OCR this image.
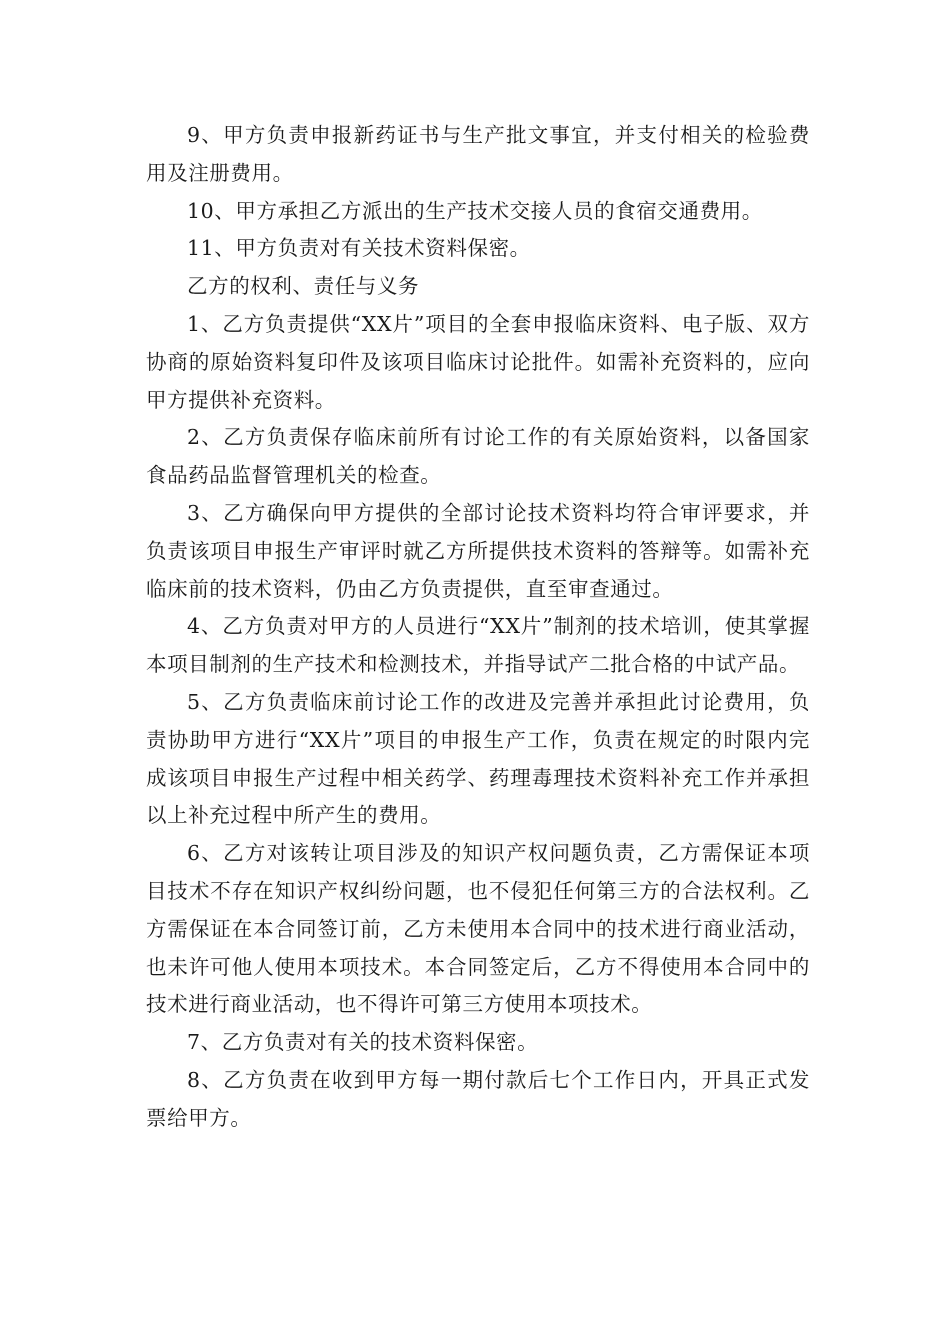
9、甲方负责申报新药证书与生产批文事宜，并支付相关的检验费用及注册费用。

10、甲方承担乙方派出的生产技术交接人员的食宿交通费用。

11、甲方负责对有关技术资料保密。

乙方的权利、责任与义务

1、乙方负责提供“XX片”项目的全套申报临床资料、电子版、双方协商的原始资料复印件及该项目临床讨论批件。如需补充资料的，应向甲方提供补充资料。

2、乙方负责保存临床前所有讨论工作的有关原始资料，以备国家食品药品监督管理机关的检查。

3、乙方确保向甲方提供的全部讨论技术资料均符合审评要求，并负责该项目申报生产审评时就乙方所提供技术资料的答辩等。如需补充临床前的技术资料，仍由乙方负责提供，直至审查通过。

4、乙方负责对甲方的人员进行“XX片”制剂的技术培训，使其掌握本项目制剂的生产技术和检测技术，并指导试产二批合格的中试产品。

5、乙方负责临床前讨论工作的改进及完善并承担此讨论费用，负责协助甲方进行“XX片”项目的申报生产工作，负责在规定的时限内完成该项目申报生产过程中相关药学、药理毒理技术资料补充工作并承担以上补充过程中所产生的费用。

6、乙方对该转让项目涉及的知识产权问题负责，乙方需保证本项目技术不存在知识产权纠纷问题，也不侵犯任何第三方的合法权利。乙方需保证在本合同签订前，乙方未使用本合同中的技术进行商业活动，也未许可他人使用本项技术。本合同签定后，乙方不得使用本合同中的技术进行商业活动，也不得许可第三方使用本项技术。

7、乙方负责对有关的技术资料保密。

8、乙方负责在收到甲方每一期付款后七个工作日内，开具正式发票给甲方。
